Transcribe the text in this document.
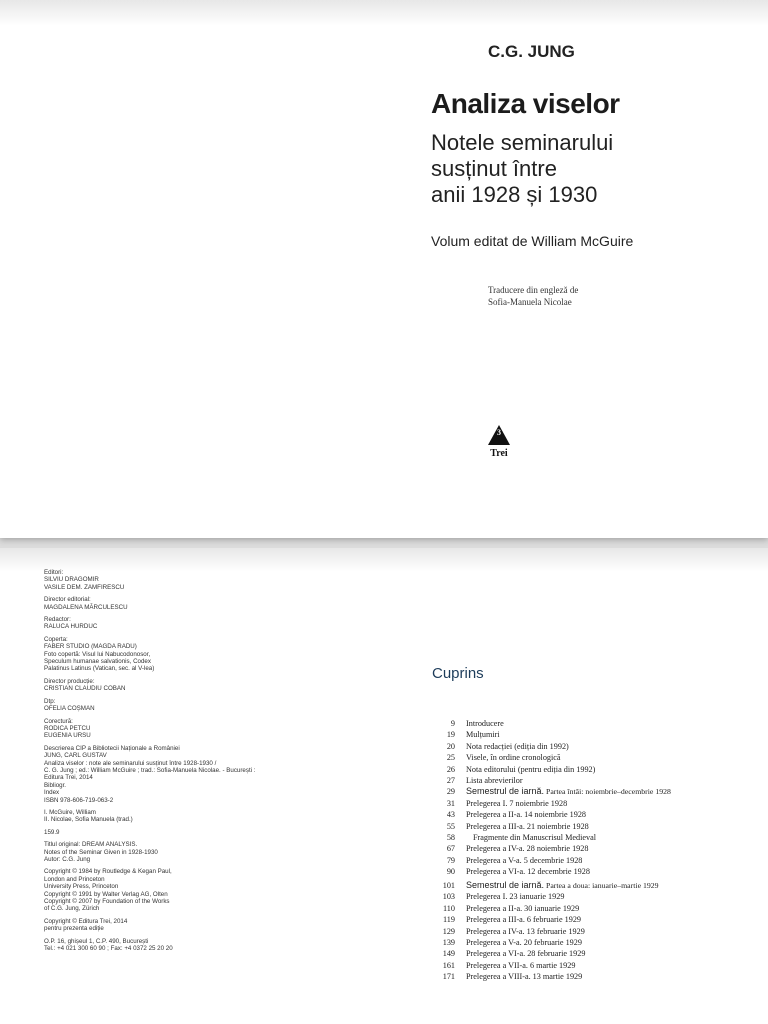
C.G. JUNG
Analiza viselor
Notele seminarului
susținut între
anii 1928 și 1930
Volum editat de William McGuire
Traducere din engleză de
Sofia-Manuela Nicolae
3
Trei
Editori:
SILVIU DRAGOMIR
VASILE DEM. ZAMFIRESCU
Director editorial:
MAGDALENA MĂRCULESCU
Redactor:
RALUCA HURDUC
Coperta:
FABER STUDIO (MAGDA RADU)
Foto copertă: Visul lui Nabucodonosor,
Speculum humanae salvationis, Codex
Palatinus Latinus (Vatican, sec. al V-lea)
Director producție:
CRISTIAN CLAUDIU COBAN
Dtp:
OFELIA COȘMAN
Corectură:
RODICA PETCU
EUGENIA URSU
Descrierea CIP a Bibliotecii Naționale a României
JUNG, CARL GUSTAV
Analiza viselor : note ale seminarului susținut între 1928-1930 /
C. G. Jung ; ed.: William McGuire ; trad.: Sofia-Manuela Nicolae. - București :
Editura Trei, 2014
Bibliogr.
Index
ISBN 978-606-719-063-2
I. McGuire, William
II. Nicolae, Sofia Manuela (trad.)
159.9
Titlul original: DREAM ANALYSIS.
Notes of the Seminar Given in 1928-1930
Autor: C.G. Jung
Copyright © 1984 by Routledge & Kegan Paul,
London and Princeton
University Press, Princeton
Copyright © 1991 by Walter Verlag AG, Olten
Copyright © 2007 by Foundation of the Works
of C.G. Jung, Zürich
Copyright © Editura Trei, 2014
pentru prezenta ediție
O.P. 16, ghișeul 1, C.P. 490, București
Tel.: +4 021 300 60 90 ; Fax: +4 0372 25 20 20
Cuprins
9	Introducere
19	Mulțumiri
20	Nota redacției (ediția din 1992)
25	Visele, în ordine cronologică
26	Nota editorului (pentru ediția din 1992)
27	Lista abrevierilor
29	Semestrul de iarnă. Partea întâi: noiembrie–decembrie 1928
31	Prelegerea I. 7 noiembrie 1928
43	Prelegerea a II-a. 14 noiembrie 1928
55	Prelegerea a III-a. 21 noiembrie 1928
58	Fragmente din Manuscrisul Medieval
67	Prelegerea a IV-a. 28 noiembrie 1928
79	Prelegerea a V-a. 5 decembrie 1928
90	Prelegerea a VI-a. 12 decembrie 1928
101	Semestrul de iarnă. Partea a doua: ianuarie–martie 1929
103	Prelegerea I. 23 ianuarie 1929
110	Prelegerea a II-a. 30 ianuarie 1929
119	Prelegerea a III-a. 6 februarie 1929
129	Prelegerea a IV-a. 13 februarie 1929
139	Prelegerea a V-a. 20 februarie 1929
149	Prelegerea a VI-a. 28 februarie 1929
161	Prelegerea a VII-a. 6 martie 1929
171	Prelegerea a VIII-a. 13 martie 1929
